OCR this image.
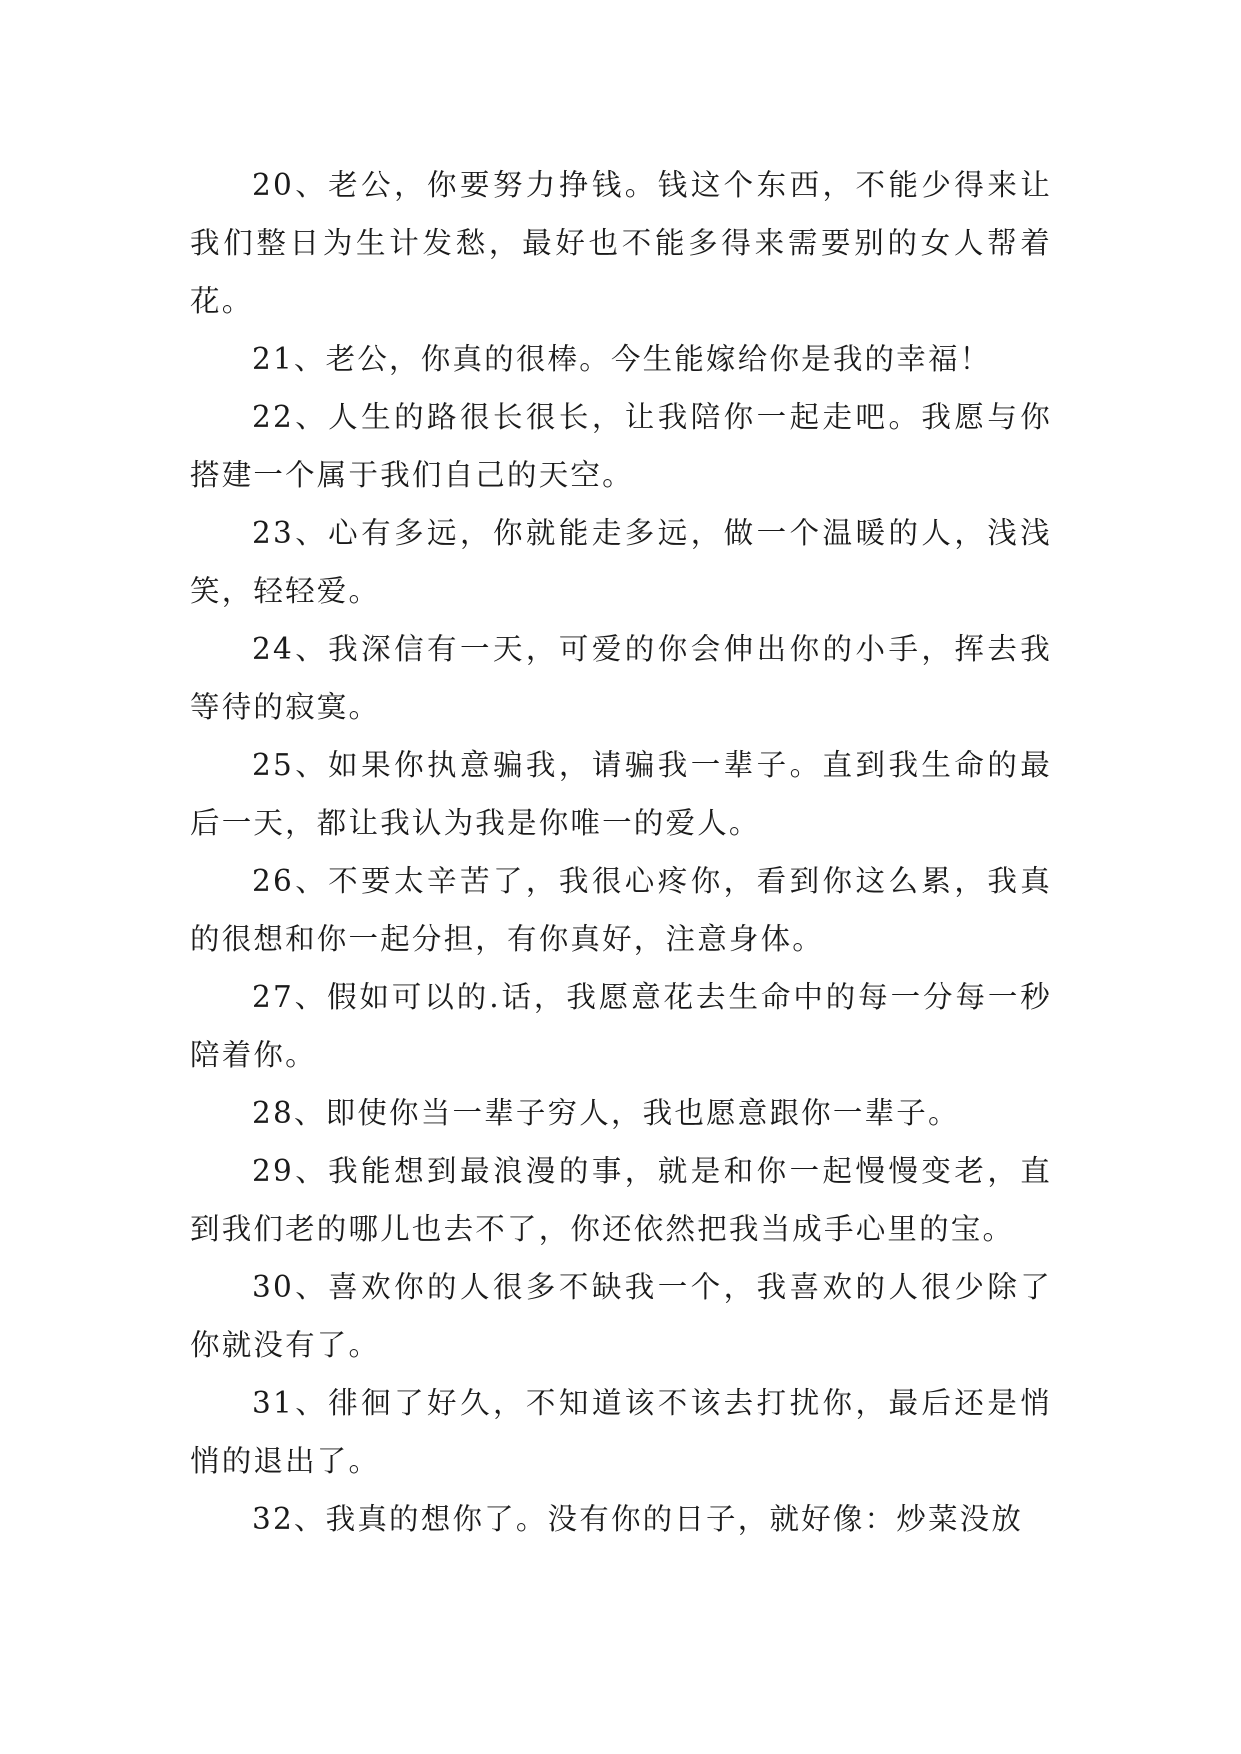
20、老公，你要努力挣钱。钱这个东西，不能少得来让我们整日为生计发愁，最好也不能多得来需要别的女人帮着花。

21、老公，你真的很棒。今生能嫁给你是我的幸福！

22、人生的路很长很长，让我陪你一起走吧。我愿与你搭建一个属于我们自己的天空。

23、心有多远，你就能走多远，做一个温暖的人，浅浅笑，轻轻爱。

24、我深信有一天，可爱的你会伸出你的小手，挥去我等待的寂寞。

25、如果你执意骗我，请骗我一辈子。直到我生命的最后一天，都让我认为我是你唯一的爱人。

26、不要太辛苦了，我很心疼你，看到你这么累，我真的很想和你一起分担，有你真好，注意身体。

27、假如可以的.话，我愿意花去生命中的每一分每一秒陪着你。

28、即使你当一辈子穷人，我也愿意跟你一辈子。

29、我能想到最浪漫的事，就是和你一起慢慢变老，直到我们老的哪儿也去不了，你还依然把我当成手心里的宝。

30、喜欢你的人很多不缺我一个，我喜欢的人很少除了你就没有了。

31、徘徊了好久，不知道该不该去打扰你，最后还是悄悄的退出了。

32、我真的想你了。没有你的日子，就好像：炒菜没放
